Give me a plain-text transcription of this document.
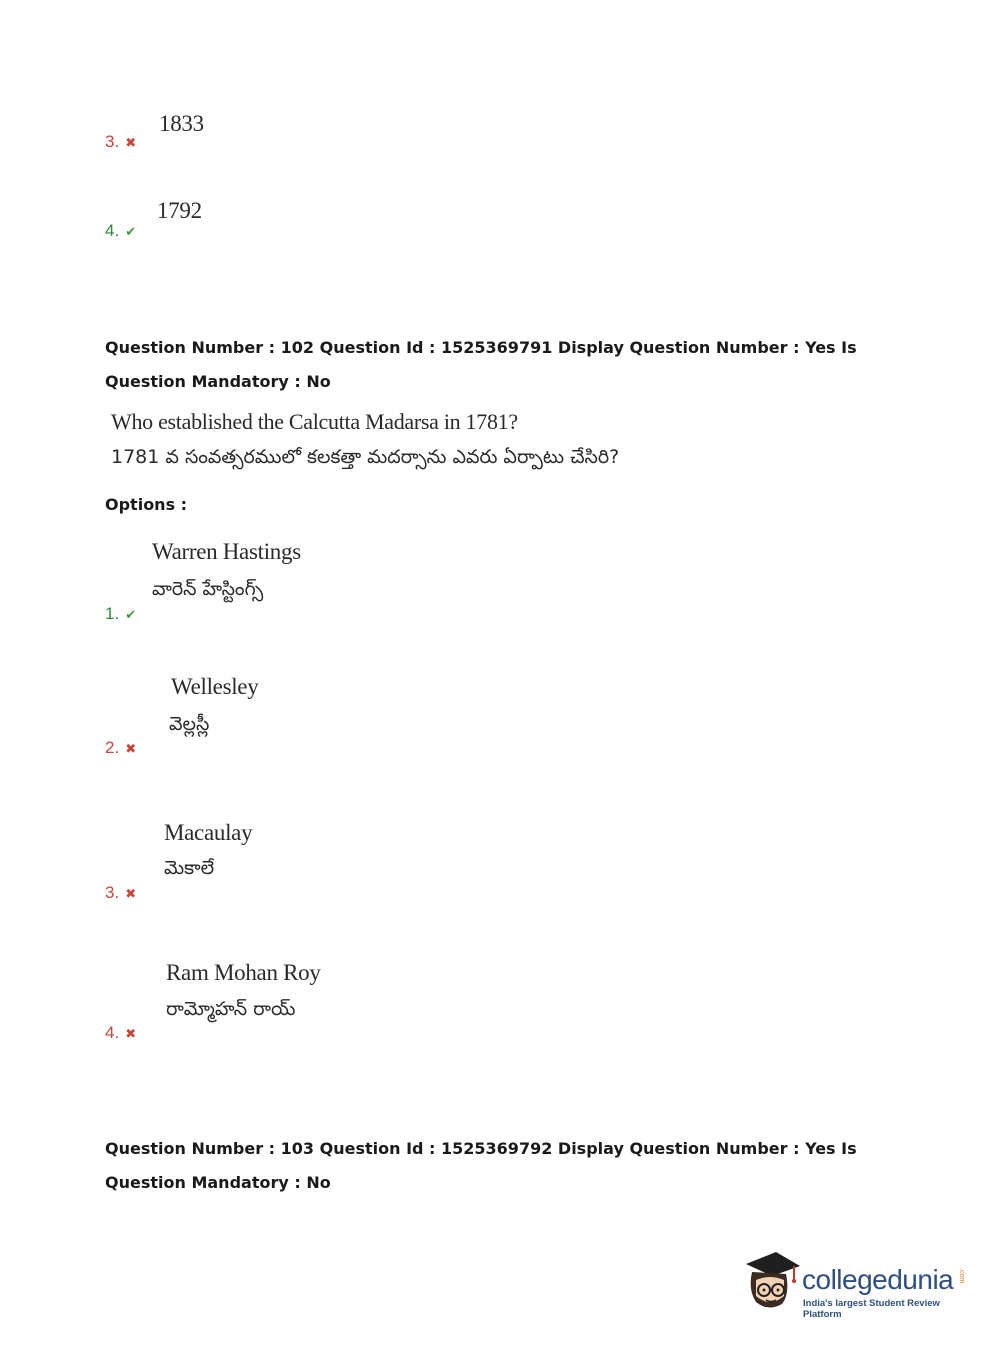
1833
3. ✖
1792
4. ✔
Question Number : 102 Question Id : 1525369791 Display Question Number : Yes Is Question Mandatory : No
Who established the Calcutta Madarsa in 1781?
1781 వ సంవత్సరములో కలకత్తా మదర్సాను ఎవరు ఏర్పాటు చేసిరి?
Options :
Warren Hastings
వారెన్ హేస్టింగ్స్
1. ✔
Wellesley
వెల్లస్లీ
2. ✖
Macaulay
మెకాలే
3. ✖
Ram Mohan Roy
రామ్మోహన్ రాయ్
4. ✖
Question Number : 103 Question Id : 1525369792 Display Question Number : Yes Is Question Mandatory : No
collegedunia .com
India's largest Student Review Platform
